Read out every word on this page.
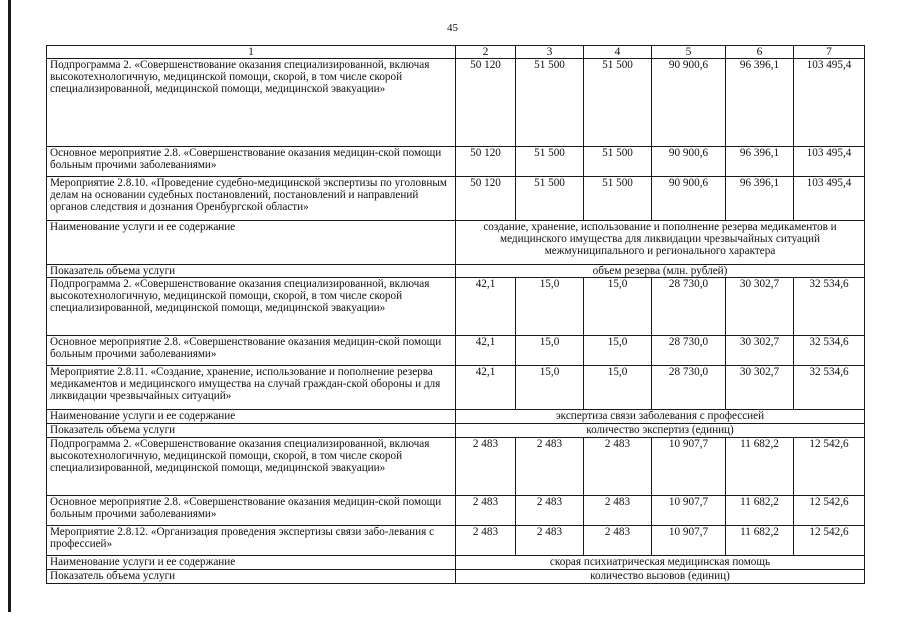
45
1	2	3	4	5	6	7
Подпрограмма 2. «Совершенствование оказания специализированной, включая высокотехнологичную, медицинской помощи, скорой, в том числе скорой специализированной, медицинской помощи, медицинской эвакуации»	50 120	51 500	51 500	90 900,6	96 396,1	103 495,4
Основное мероприятие 2.8. «Совершенствование оказания медицин-ской помощи больным прочими заболеваниями»	50 120	51 500	51 500	90 900,6	96 396,1	103 495,4
Мероприятие 2.8.10. «Проведение судебно-медицинской экспертизы по уголовным делам на основании судебных постановлений, постановлений и направлений органов следствия и дознания Оренбургской области»	50 120	51 500	51 500	90 900,6	96 396,1	103 495,4
Наименование услуги и ее содержание	создание, хранение, использование и пополнение резерва медикаментов и медицинского имущества для ликвидации чрезвычайных ситуаций межмуниципального и регионального характера					
Показатель объема услуги	объем резерва (млн. рублей)					
Подпрограмма 2. «Совершенствование оказания специализированной, включая высокотехнологичную, медицинской помощи, скорой, в том числе скорой специализированной, медицинской помощи, медицинской эвакуации»	42,1	15,0	15,0	28 730,0	30 302,7	32 534,6
Основное мероприятие 2.8. «Совершенствование оказания медицин-ской помощи больным прочими заболеваниями»	42,1	15,0	15,0	28 730,0	30 302,7	32 534,6
Мероприятие 2.8.11. «Создание, хранение, использование и пополнение резерва медикаментов и медицинского имущества на случай граждан-ской обороны и для ликвидации чрезвычайных ситуаций»	42,1	15,0	15,0	28 730,0	30 302,7	32 534,6
Наименование услуги и ее содержание	экспертиза связи заболевания с профессией					
Показатель объема услуги	количество экспертиз (единиц)					
Подпрограмма 2. «Совершенствование оказания специализированной, включая высокотехнологичную, медицинской помощи, скорой, в том числе скорой специализированной, медицинской помощи, медицинской эвакуации»	2 483	2 483	2 483	10 907,7	11 682,2	12 542,6
Основное мероприятие 2.8. «Совершенствование оказания медицин-ской помощи больным прочими заболеваниями»	2 483	2 483	2 483	10 907,7	11 682,2	12 542,6
Мероприятие 2.8.12. «Организация проведения экспертизы связи забо-левания с профессией»	2 483	2 483	2 483	10 907,7	11 682,2	12 542,6
Наименование услуги и ее содержание	скорая психиатрическая медицинская помощь					
Показатель объема услуги	количество вызовов (единиц)					
